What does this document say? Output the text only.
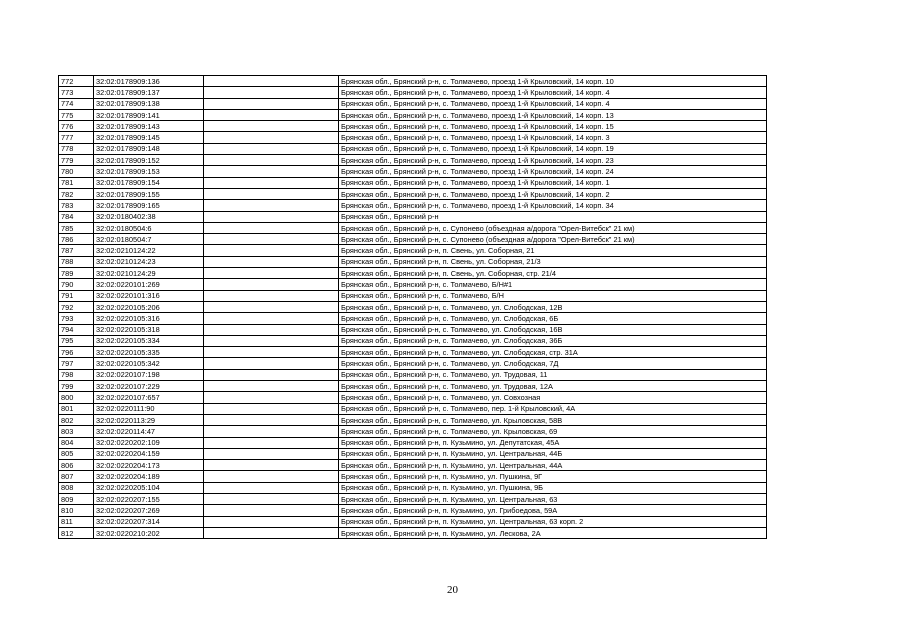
772	32:02:0178909:136		Брянская обл., Брянский р-н, с. Толмачево, проезд 1-й Крыловский, 14 корп. 10
773	32:02:0178909:137		Брянская обл., Брянский р-н, с. Толмачево, проезд 1-й Крыловский, 14 корп. 4
774	32:02:0178909:138		Брянская обл., Брянский р-н, с. Толмачево, проезд 1-й Крыловский, 14 корп. 4
775	32:02:0178909:141		Брянская обл., Брянский р-н, с. Толмачево, проезд 1-й Крыловский, 14 корп. 13
776	32:02:0178909:143		Брянская обл., Брянский р-н, с. Толмачево, проезд 1-й Крыловский, 14 корп. 15
777	32:02:0178909:145		Брянская обл., Брянский р-н, с. Толмачево, проезд 1-й Крыловский, 14 корп. 3
778	32:02:0178909:148		Брянская обл., Брянский р-н, с. Толмачево, проезд 1-й Крыловский, 14 корп. 19
779	32:02:0178909:152		Брянская обл., Брянский р-н, с. Толмачево, проезд 1-й Крыловский, 14 корп. 23
780	32:02:0178909:153		Брянская обл., Брянский р-н, с. Толмачево, проезд 1-й Крыловский, 14 корп. 24
781	32:02:0178909:154		Брянская обл., Брянский р-н, с. Толмачево, проезд 1-й Крыловский, 14 корп. 1
782	32:02:0178909:155		Брянская обл., Брянский р-н, с. Толмачево, проезд 1-й Крыловский, 14 корп. 2
783	32:02:0178909:165		Брянская обл., Брянский р-н, с. Толмачево, проезд 1-й Крыловский, 14 корп. 34
784	32:02:0180402:38		Брянская обл., Брянский р-н
785	32:02:0180504:6		Брянская обл., Брянский р-н, с. Супонево (объездная а/дорога "Орел-Витебск" 21 км)
786	32:02:0180504:7		Брянская обл., Брянский р-н, с. Супонево (объездная а/дорога "Орел-Витебск" 21 км)
787	32:02:0210124:22		Брянская обл., Брянский р-н, п. Свень, ул. Соборная, 21
788	32:02:0210124:23		Брянская обл., Брянский р-н, п. Свень, ул. Соборная, 21/3
789	32:02:0210124:29		Брянская обл., Брянский р-н, п. Свень, ул. Соборная, стр. 21/4
790	32:02:0220101:269		Брянская обл., Брянский р-н, с. Толмачево, Б/Н#1
791	32:02:0220101:316		Брянская обл., Брянский р-н, с. Толмачево, Б/Н
792	32:02:0220105:206		Брянская обл., Брянский р-н, с. Толмачево, ул. Слободская, 12В
793	32:02:0220105:316		Брянская обл., Брянский р-н, с. Толмачево, ул. Слободская, 6Б
794	32:02:0220105:318		Брянская обл., Брянский р-н, с. Толмачево, ул. Слободская, 16В
795	32:02:0220105:334		Брянская обл., Брянский р-н, с. Толмачево, ул. Слободская, 36Б
796	32:02:0220105:335		Брянская обл., Брянский р-н, с. Толмачево, ул. Слободская, стр. 31А
797	32:02:0220105:342		Брянская обл., Брянский р-н, с. Толмачево, ул. Слободская, 7Д
798	32:02:0220107:198		Брянская обл., Брянский р-н, с. Толмачево, ул. Трудовая, 11
799	32:02:0220107:229		Брянская обл., Брянский р-н, с. Толмачево, ул. Трудовая, 12А
800	32:02:0220107:657		Брянская обл., Брянский р-н, с. Толмачево, ул. Совхозная
801	32:02:0220111:90		Брянская обл., Брянский р-н, с. Толмачево, пер. 1-й Крыловский, 4А
802	32:02:0220113:29		Брянская обл., Брянский р-н, с. Толмачево, ул. Крыловская, 58В
803	32:02:0220114:47		Брянская обл., Брянский р-н, с. Толмачево, ул. Крыловская, 69
804	32:02:0220202:109		Брянская обл., Брянский р-н, п. Кузьмино, ул. Депутатская, 45А
805	32:02:0220204:159		Брянская обл., Брянский р-н, п. Кузьмино, ул. Центральная, 44Б
806	32:02:0220204:173		Брянская обл., Брянский р-н, п. Кузьмино, ул. Центральная, 44А
807	32:02:0220204:189		Брянская обл., Брянский р-н, п. Кузьмино, ул. Пушкина, 9Г
808	32:02:0220205:104		Брянская обл., Брянский р-н, п. Кузьмино, ул. Пушкина, 9Б
809	32:02:0220207:155		Брянская обл., Брянский р-н, п. Кузьмино, ул. Центральная, 63
810	32:02:0220207:269		Брянская обл., Брянский р-н, п. Кузьмино, ул. Грибоедова, 59А
811	32:02:0220207:314		Брянская обл., Брянский р-н, п. Кузьмино, ул. Центральная, 63 корп. 2
812	32:02:0220210:202		Брянская обл., Брянский р-н, п. Кузьмино, ул. Лескова, 2А
20
